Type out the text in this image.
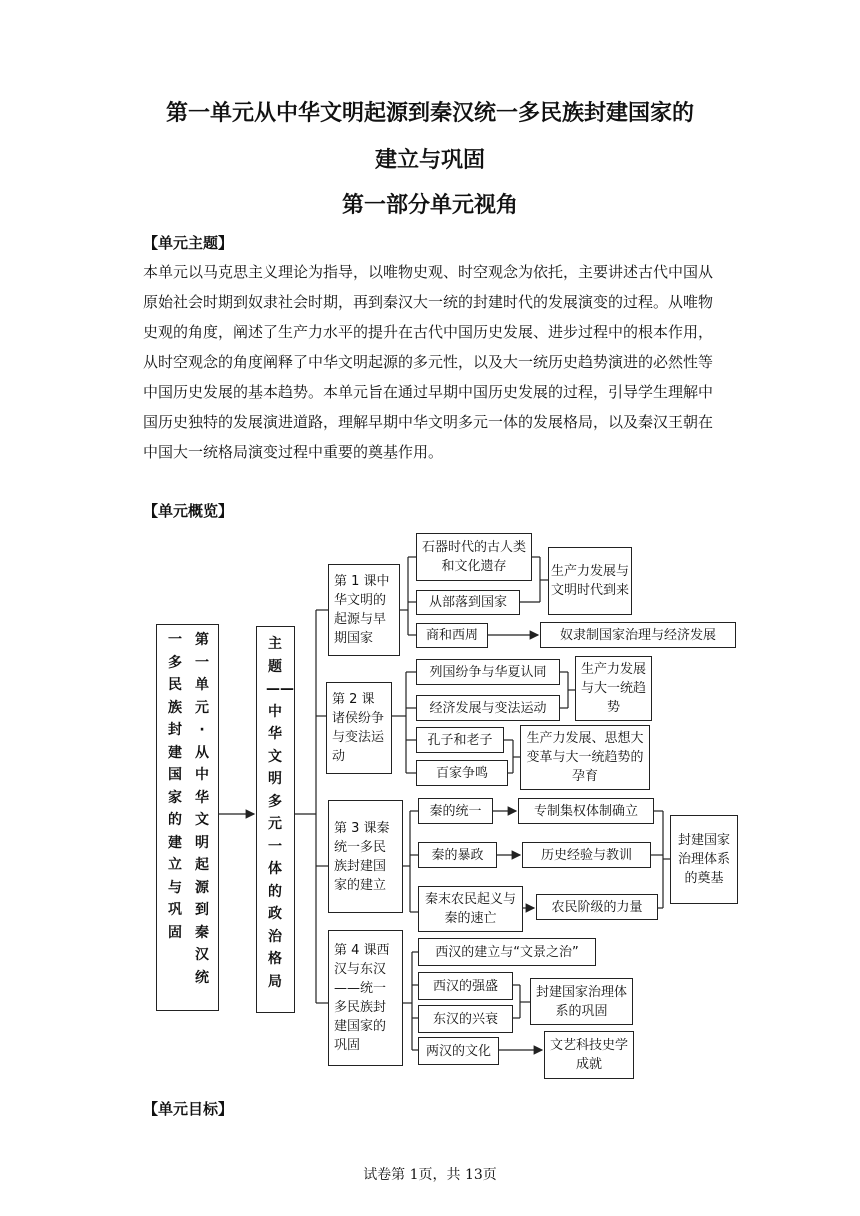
第一单元从中华文明起源到秦汉统一多民族封建国家的
建立与巩固
第一部分单元视角
【单元主题】
本单元以马克思主义理论为指导，以唯物史观、时空观念为依托，主要讲述古代中国从
原始社会时期到奴隶社会时期，再到秦汉大一统的封建时代的发展演变的过程。从唯物
史观的角度，阐述了生产力水平的提升在古代中国历史发展、进步过程中的根本作用，
从时空观念的角度阐释了中华文明起源的多元性，以及大一统历史趋势演进的必然性等
中国历史发展的基本趋势。本单元旨在通过早期中国历史发展的过程，引导学生理解中
国历史独特的发展演进道路，理解早期中华文明多元一体的发展格局，以及秦汉王朝在
中国大一统格局演变过程中重要的奠基作用。
【单元概览】
一多民族封建国家的建立与巩固
第一单元·从中华文明起源到秦汉统
主题——中华文明多元一体的政治格局
第 1 课中华文明的起源与早期国家
第 2 课诸侯纷争与变法运动
第 3 课秦统一多民族封建国家的建立
第 4 课西汉与东汉——统一多民族封建国家的巩固
石器时代的古人类和文化遗存
从部落到国家
商和西周
生产力发展与文明时代到来
奴隶制国家治理与经济发展
列国纷争与华夏认同
经济发展与变法运动
孔子和老子
百家争鸣
生产力发展与大一统趋势
生产力发展、思想大变革与大一统趋势的孕育
秦的统一
秦的暴政
秦末农民起义与秦的速亡
专制集权体制确立
历史经验与教训
农民阶级的力量
封建国家治理体系的奠基
西汉的建立与“文景之治”
西汉的强盛
东汉的兴衰
两汉的文化
封建国家治理体系的巩固
文艺科技史学成就
【单元目标】
试卷第 1页，共 13页
